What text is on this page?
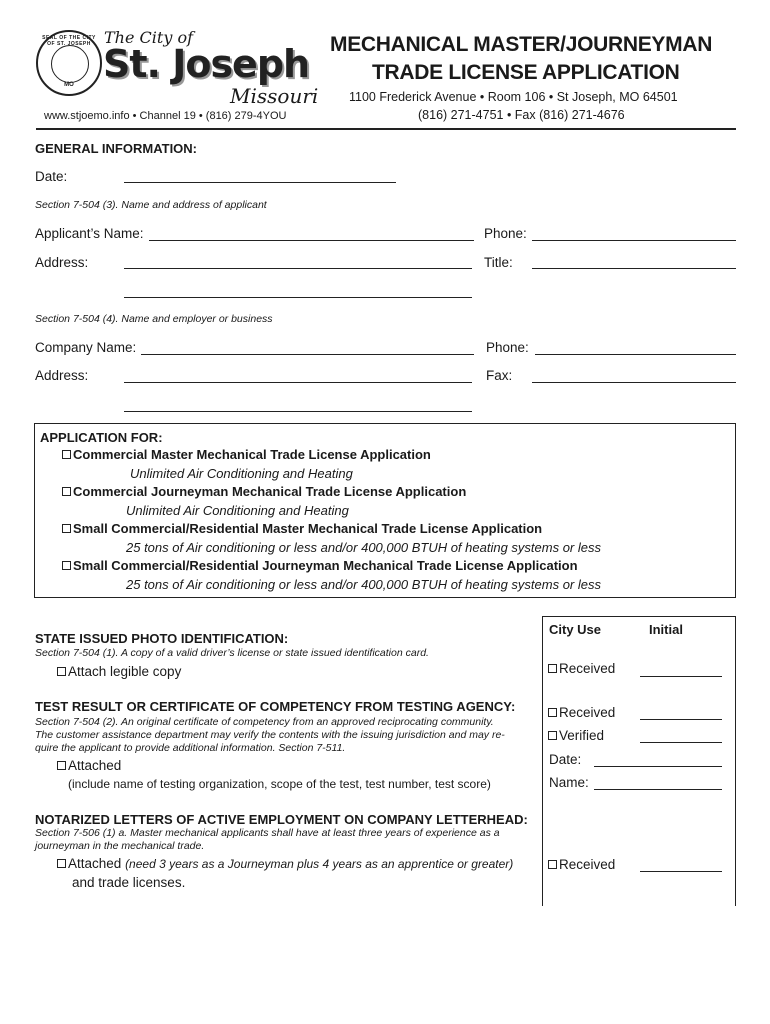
SEAL OF THE CITY OF ST. JOSEPH
MO
The City of
St. Joseph
Missouri
www.stjoemo.info • Channel 19 • (816) 279-4YOU
MECHANICAL MASTER/JOURNEYMAN
TRADE LICENSE APPLICATION
1100 Frederick Avenue • Room 106 • St Joseph, MO 64501
(816) 271-4751 • Fax (816) 271-4676
GENERAL INFORMATION:
Date:
Section 7-504 (3). Name and address of applicant
Applicant’s Name:	Phone:
Address:	Title:
Section 7-504 (4). Name and employer or business
Company Name:	Phone:
Address:	Fax:
APPLICATION FOR:
Commercial Master Mechanical Trade License Application
Unlimited Air Conditioning and Heating
Commercial Journeyman Mechanical Trade License Application
Unlimited Air Conditioning and Heating
Small Commercial/Residential Master Mechanical Trade License Application
25 tons of Air conditioning or less and/or 400,000 BTUH of heating systems or less
Small Commercial/Residential Journeyman Mechanical Trade License Application
25 tons of Air conditioning or less and/or 400,000 BTUH of heating systems or less
City Use	Initial
Received
Received
Verified
Date:
Name:
Received
STATE ISSUED PHOTO IDENTIFICATION:
Section 7-504 (1). A copy of a valid driver’s license or state issued identification card.
Attach legible copy
TEST RESULT OR CERTIFICATE OF COMPETENCY FROM TESTING AGENCY:
Section 7-504 (2). An original certificate of competency from an approved reciprocating community.
The customer assistance department may verify the contents with the issuing jurisdiction and may re-
quire the applicant to provide additional information. Section 7-511.
Attached
(include name of testing organization, scope of the test, test number, test score)
NOTARIZED LETTERS OF ACTIVE EMPLOYMENT ON COMPANY LETTERHEAD:
Section 7-506 (1) a. Master mechanical applicants shall have at least three years of experience as a
journeyman in the mechanical trade.
Attached (need 3 years as a Journeyman plus 4 years as an apprentice or greater)
and trade licenses.
